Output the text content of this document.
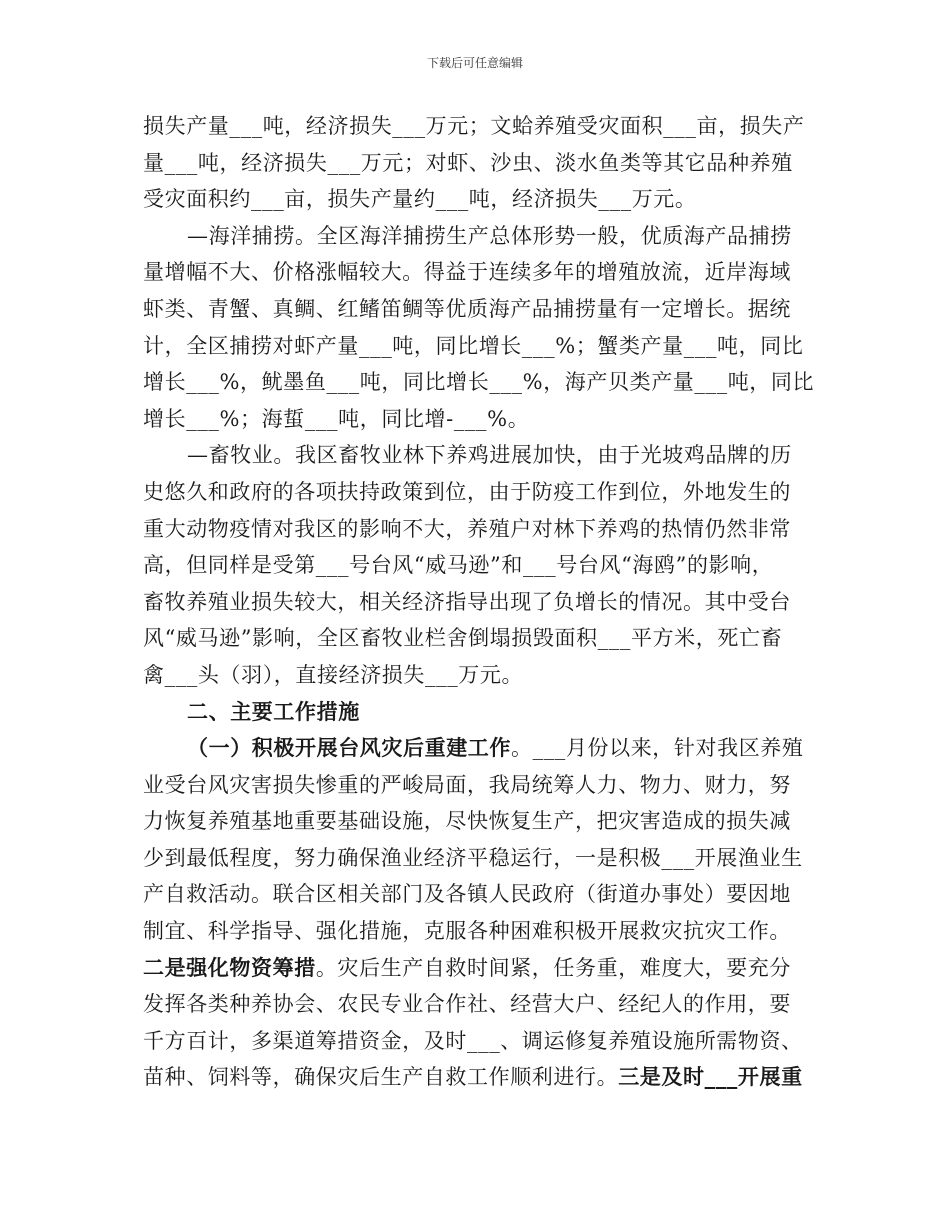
下载后可任意编辑
损失产量___吨，经济损失___万元；文蛤养殖受灾面积___亩，损失产
量___吨，经济损失___万元；对虾、沙虫、淡水鱼类等其它品种养殖
受灾面积约___亩，损失产量约___吨，经济损失___万元。
—海洋捕捞。全区海洋捕捞生产总体形势一般，优质海产品捕捞
量增幅不大、价格涨幅较大。得益于连续多年的增殖放流，近岸海域
虾类、青蟹、真鲷、红鳍笛鲷等优质海产品捕捞量有一定增长。据统
计，全区捕捞对虾产量___吨，同比增长___%；蟹类产量___吨，同比
增长___%，鱿墨鱼___吨，同比增长___%，海产贝类产量___吨，同比
增长___%；海蜇___吨，同比增-___%。
—畜牧业。我区畜牧业林下养鸡进展加快，由于光坡鸡品牌的历
史悠久和政府的各项扶持政策到位，由于防疫工作到位，外地发生的
重大动物疫情对我区的影响不大，养殖户对林下养鸡的热情仍然非常
高，但同样是受第___号台风“威马逊”和___号台风“海鸥”的影响，
畜牧养殖业损失较大，相关经济指导出现了负增长的情况。其中受台
风“威马逊”影响，全区畜牧业栏舍倒塌损毁面积___平方米，死亡畜
禽___头（羽），直接经济损失___万元。
二、主要工作措施
（一）积极开展台风灾后重建工作。___月份以来，针对我区养殖
业受台风灾害损失惨重的严峻局面，我局统筹人力、物力、财力，努
力恢复养殖基地重要基础设施，尽快恢复生产，把灾害造成的损失减
少到最低程度，努力确保渔业经济平稳运行，一是积极___开展渔业生
产自救活动。联合区相关部门及各镇人民政府（街道办事处）要因地
制宜、科学指导、强化措施，克服各种困难积极开展救灾抗灾工作。
二是强化物资筹措。灾后生产自救时间紧，任务重，难度大，要充分
发挥各类种养协会、农民专业合作社、经营大户、经纪人的作用，要
千方百计，多渠道筹措资金，及时___、调运修复养殖设施所需物资、
苗种、饲料等，确保灾后生产自救工作顺利进行。三是及时___开展重
